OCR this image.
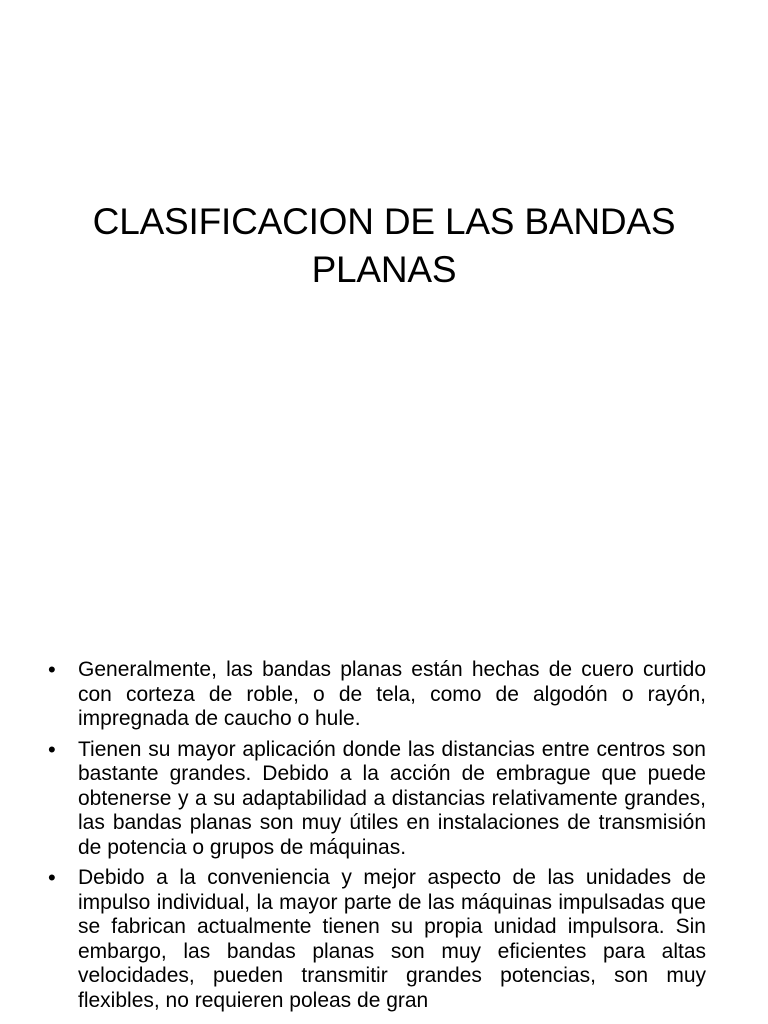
CLASIFICACION DE LAS BANDAS
PLANAS
• Generalmente, las bandas planas están hechas de cuero curtido con corteza de roble, o de tela, como de algodón o rayón, impregnada de caucho o hule.
• Tienen su mayor aplicación donde las distancias entre centros son bastante grandes. Debido a la acción de embrague que puede obtenerse y a su adaptabilidad a distancias relativamente grandes, las bandas planas son muy útiles en instalaciones de transmisión de potencia o grupos de máquinas.
• Debido a la conveniencia y mejor aspecto de las unidades de impulso individual, la mayor parte de las máquinas impulsadas que se fabrican actualmente tienen su propia unidad impulsora. Sin embargo, las bandas planas son muy eficientes para altas velocidades, pueden transmitir grandes potencias, son muy flexibles, no requieren poleas de gran
